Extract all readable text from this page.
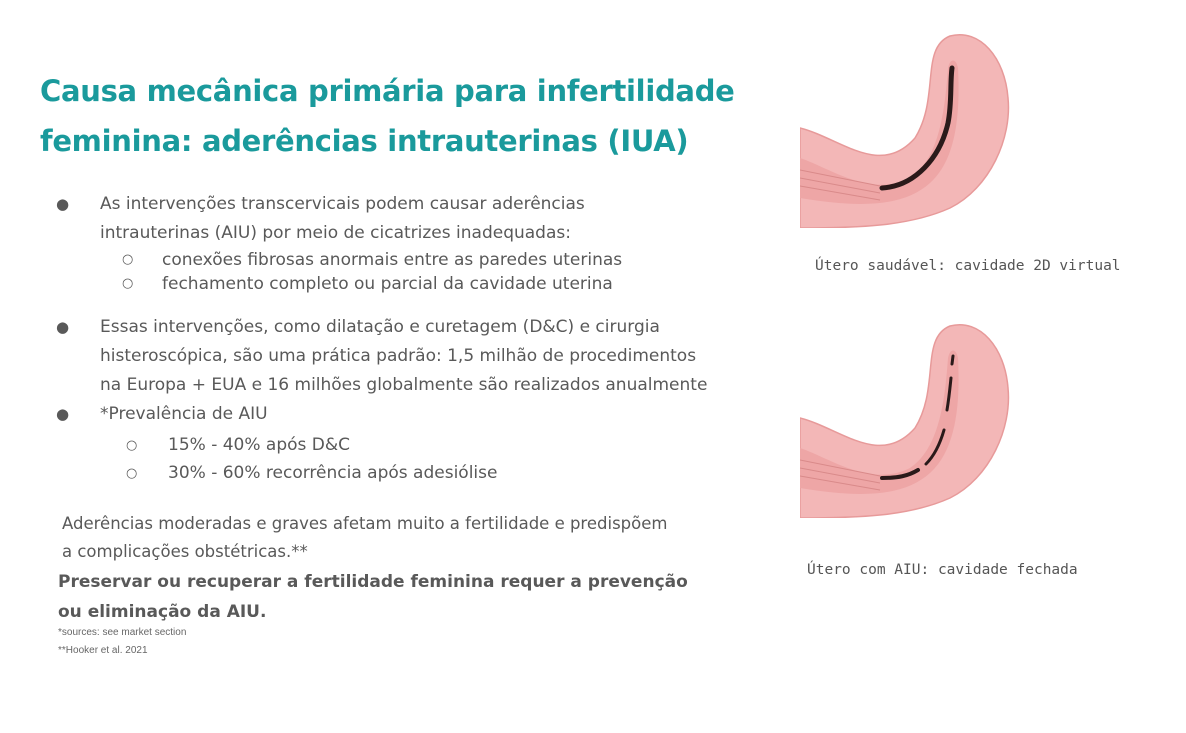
Causa mecânica primária para infertilidade feminina: aderências intrauterinas (IUA)
● As intervenções transcervicais podem causar aderências
intrauterinas (AIU) por meio de cicatrizes inadequadas:
○ conexões fibrosas anormais entre as paredes uterinas
○ fechamento completo ou parcial da cavidade uterina
● Essas intervenções, como dilatação e curetagem (D&C) e cirurgia
histeroscópica, são uma prática padrão: 1,5 milhão de procedimentos
na Europa + EUA e 16 milhões globalmente são realizados anualmente
● *Prevalência de AIU
○ 15% - 40% após D&C
○ 30% - 60% recorrência após adesiólise

Aderências moderadas e graves afetam muito a fertilidade e predispõem
a complicações obstétricas.**

Preservar ou recuperar a fertilidade feminina requer a prevenção
ou eliminação da AIU.

*sources: see market section

**Hooker et al. 2021

Útero saudável: cavidade 2D virtual

Útero com AIU: cavidade fechada
